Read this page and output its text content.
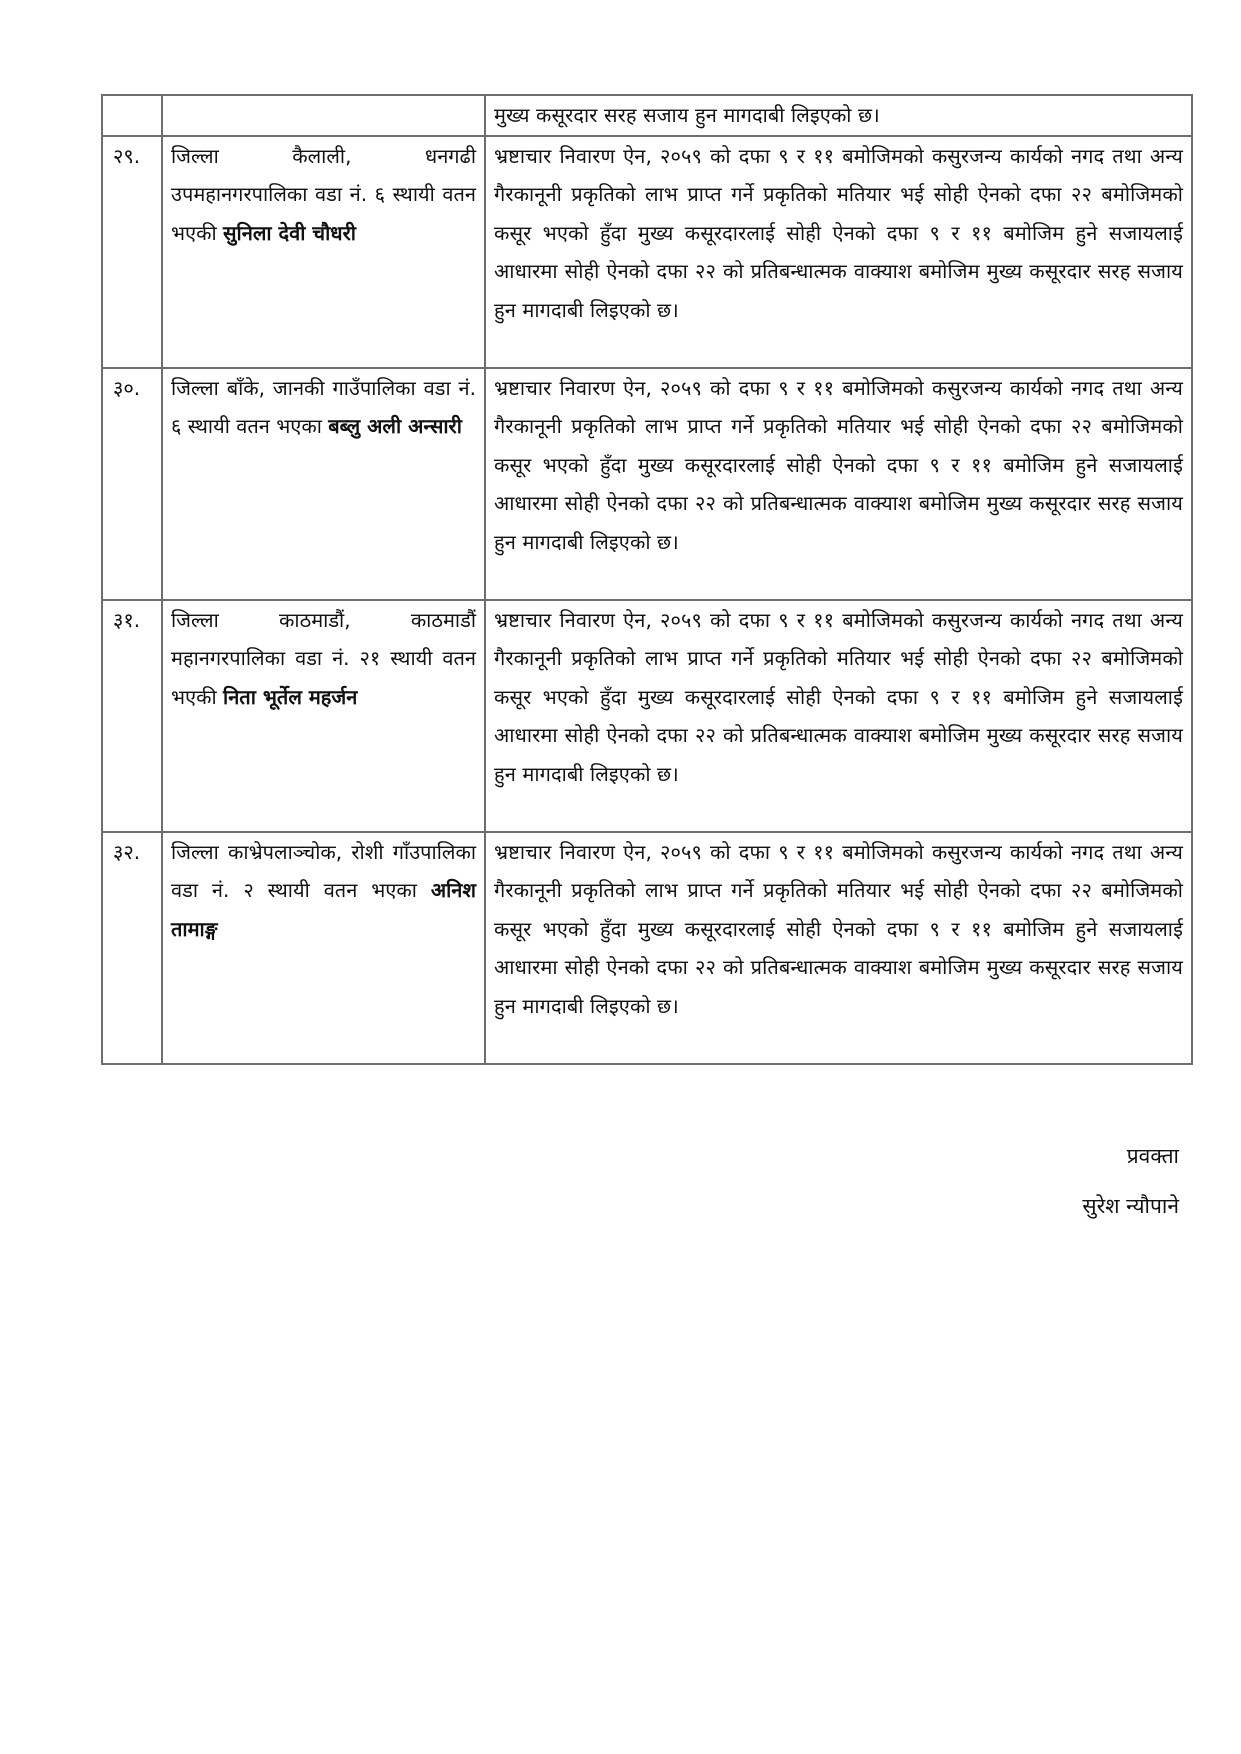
		मुख्य कसूरदार सरह सजाय हुन मागदाबी लिइएको छ।
२९.	जिल्ला कैलाली, धनगढी उपमहानगरपालिका वडा नं. ६ स्थायी वतन भएकी सुनिला देवी चौधरी	भ्रष्टाचार निवारण ऐन, २०५९ को दफा ९ र ११ बमोजिमको कसुरजन्य कार्यको नगद तथा अन्य गैरकानूनी प्रकृतिको लाभ प्राप्त गर्ने प्रकृतिको मतियार भई सोही ऐनको दफा २२ बमोजिमको कसूर भएको हुँदा मुख्य कसूरदारलाई सोही ऐनको दफा ९ र ११ बमोजिम हुने सजायलाई आधारमा सोही ऐनको दफा २२ को प्रतिबन्धात्मक वाक्याश बमोजिम मुख्य कसूरदार सरह सजाय हुन मागदाबी लिइएको छ।
३०.	जिल्ला बाँके, जानकी गाउँपालिका वडा नं. ६ स्थायी वतन भएका बब्लु अली अन्सारी	भ्रष्टाचार निवारण ऐन, २०५९ को दफा ९ र ११ बमोजिमको कसुरजन्य कार्यको नगद तथा अन्य गैरकानूनी प्रकृतिको लाभ प्राप्त गर्ने प्रकृतिको मतियार भई सोही ऐनको दफा २२ बमोजिमको कसूर भएको हुँदा मुख्य कसूरदारलाई सोही ऐनको दफा ९ र ११ बमोजिम हुने सजायलाई आधारमा सोही ऐनको दफा २२ को प्रतिबन्धात्मक वाक्याश बमोजिम मुख्य कसूरदार सरह सजाय हुन मागदाबी लिइएको छ।
३१.	जिल्ला काठमाडौं, काठमाडौं महानगरपालिका वडा नं. २१ स्थायी वतन भएकी निता भूर्तेल महर्जन	भ्रष्टाचार निवारण ऐन, २०५९ को दफा ९ र ११ बमोजिमको कसुरजन्य कार्यको नगद तथा अन्य गैरकानूनी प्रकृतिको लाभ प्राप्त गर्ने प्रकृतिको मतियार भई सोही ऐनको दफा २२ बमोजिमको कसूर भएको हुँदा मुख्य कसूरदारलाई सोही ऐनको दफा ९ र ११ बमोजिम हुने सजायलाई आधारमा सोही ऐनको दफा २२ को प्रतिबन्धात्मक वाक्याश बमोजिम मुख्य कसूरदार सरह सजाय हुन मागदाबी लिइएको छ।
३२.	जिल्ला काभ्रेपलाञ्चोक, रोशी गाँउपालिका वडा नं. २ स्थायी वतन भएका अनिश तामाङ्ग	भ्रष्टाचार निवारण ऐन, २०५९ को दफा ९ र ११ बमोजिमको कसुरजन्य कार्यको नगद तथा अन्य गैरकानूनी प्रकृतिको लाभ प्राप्त गर्ने प्रकृतिको मतियार भई सोही ऐनको दफा २२ बमोजिमको कसूर भएको हुँदा मुख्य कसूरदारलाई सोही ऐनको दफा ९ र ११ बमोजिम हुने सजायलाई आधारमा सोही ऐनको दफा २२ को प्रतिबन्धात्मक वाक्याश बमोजिम मुख्य कसूरदार सरह सजाय हुन मागदाबी लिइएको छ।
प्रवक्ता
सुरेश न्यौपाने
